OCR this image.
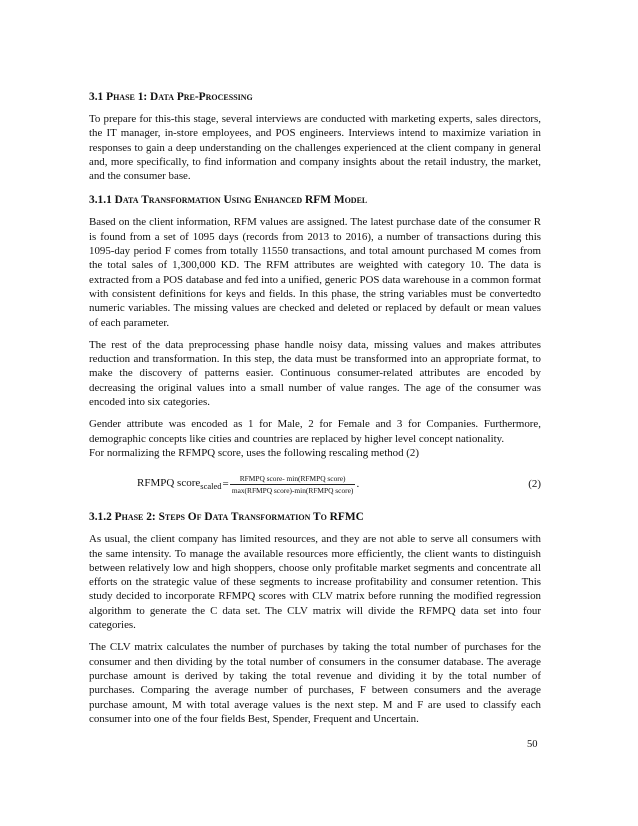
3.1 Phase 1: Data Pre-Processing

To prepare for this-this stage, several interviews are conducted with marketing experts, sales directors, the IT manager, in-store employees, and POS engineers. Interviews intend to maximize variation in responses to gain a deep understanding on the challenges experienced at the client company in general and, more specifically, to find information and company insights about the retail industry, the market, and the consumer base.

3.1.1 Data Transformation Using Enhanced RFM Model

Based on the client information, RFM values are assigned. The latest purchase date of the consumer R is found from a set of 1095 days (records from 2013 to 2016), a number of transactions during this 1095-day period F comes from totally 11550 transactions, and total amount purchased M comes from the total sales of 1,300,000 KD. The RFM attributes are weighted with category 10. The data is extracted from a POS database and fed into a unified, generic POS data warehouse in a common format with consistent definitions for keys and fields. In this phase, the string variables must be convertedto numeric variables. The missing values are checked and deleted or replaced by default or mean values of each parameter.

The rest of the data preprocessing phase handle noisy data, missing values and makes attributes reduction and transformation. In this step, the data must be transformed into an appropriate format, to make the discovery of patterns easier. Continuous consumer-related attributes are encoded by decreasing the original values into a small number of value ranges. The age of the consumer was encoded into six categories.

Gender attribute was encoded as 1 for Male, 2 for Female and 3 for Companies. Furthermore, demographic concepts like cities and countries are replaced by higher level concept nationality.

For normalizing the RFMPQ score, uses the following rescaling method (2)

RFMPQ score$_{scaled}$ = $\frac{\text{RFMPQ score- min(RFMPQ score)}}{\text{max⁡(RFMPQ score)-min⁡(RFMPQ score)}}$ .	(2)
3.1.2 Phase 2: Steps Of Data Transformation To RFMC

As usual, the client company has limited resources, and they are not able to serve all consumers with the same intensity. To manage the available resources more efficiently, the client wants to distinguish between relatively low and high shoppers, choose only profitable market segments and concentrate all efforts on the strategic value of these segments to increase profitability and consumer retention. This study decided to incorporate RFMPQ scores with CLV matrix before running the modified regression algorithm to generate the C data set. The CLV matrix will divide the RFMPQ data set into four categories.

The CLV matrix calculates the number of purchases by taking the total number of purchases for the consumer and then dividing by the total number of consumers in the consumer database. The average purchase amount is derived by taking the total revenue and dividing it by the total number of purchases. Comparing the average number of purchases, F between consumers and the average purchase amount, M with total average values is the next step. M and F are used to classify each consumer into one of the four fields Best, Spender, Frequent and Uncertain.

50
